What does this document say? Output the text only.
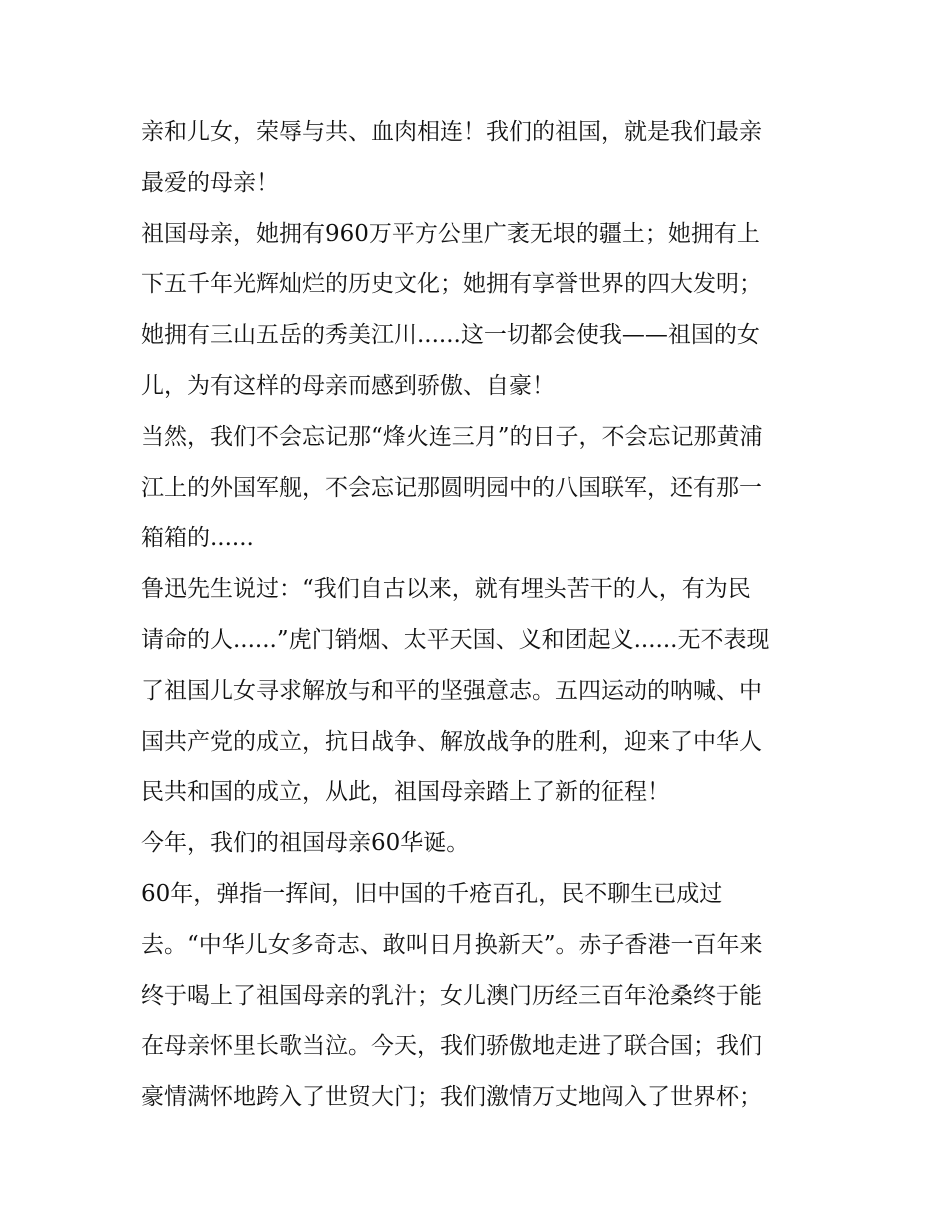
亲和儿女，荣辱与共、血肉相连！我们的祖国，就是我们最亲
最爱的母亲！
祖国母亲，她拥有960万平方公里广袤无垠的疆土；她拥有上
下五千年光辉灿烂的历史文化；她拥有享誉世界的四大发明；
她拥有三山五岳的秀美江川......这一切都会使我——祖国的女
儿，为有这样的母亲而感到骄傲、自豪！
当然，我们不会忘记那“烽火连三月”的日子，不会忘记那黄浦
江上的外国军舰，不会忘记那圆明园中的八国联军，还有那一
箱箱的......
鲁迅先生说过：“我们自古以来，就有埋头苦干的人，有为民
请命的人......”虎门销烟、太平天国、义和团起义......无不表现
了祖国儿女寻求解放与和平的坚强意志。五四运动的呐喊、中
国共产党的成立，抗日战争、解放战争的胜利，迎来了中华人
民共和国的成立，从此，祖国母亲踏上了新的征程！
今年，我们的祖国母亲60华诞。
60年，弹指一挥间，旧中国的千疮百孔，民不聊生已成过
去。“中华儿女多奇志、敢叫日月换新天”。赤子香港一百年来
终于喝上了祖国母亲的乳汁；女儿澳门历经三百年沧桑终于能
在母亲怀里长歌当泣。今天，我们骄傲地走进了联合国；我们
豪情满怀地跨入了世贸大门；我们激情万丈地闯入了世界杯；
